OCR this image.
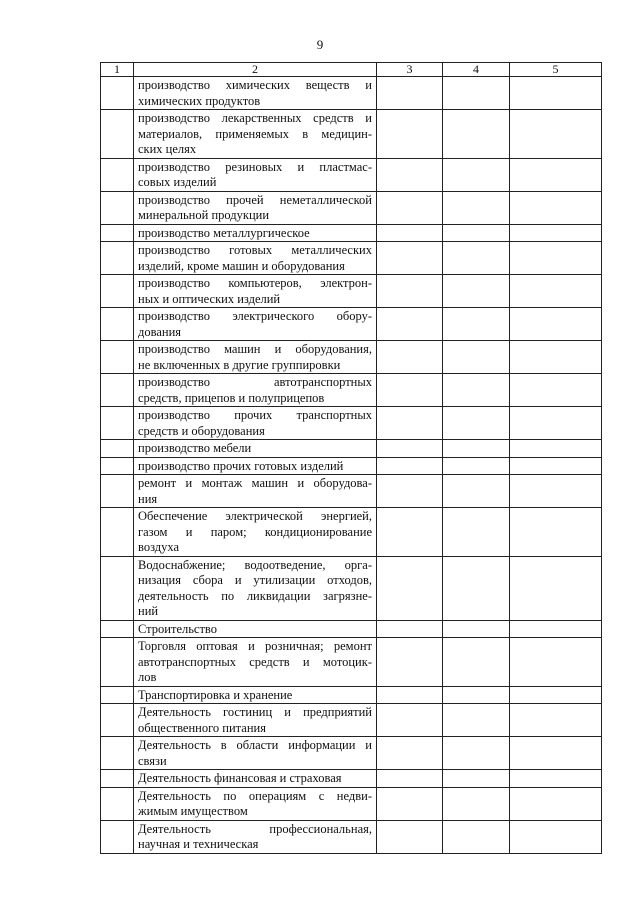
9
1	2	3	4	5

	производство химических веществ и
химических продуктов			

	производство лекарственных средств и
материалов, применяемых в медицин-
ских целях			

	производство резиновых и пластмас-
совых изделий			

	производство прочей неметаллической
минеральной продукции			

	производство металлургическое			

	производство готовых металлических
изделий, кроме машин и оборудования			

	производство компьютеров, электрон-
ных и оптических изделий			

	производство электрического обору-
дования			

	производство машин и оборудования,
не включенных в другие группировки			

	производство автотранспортных
средств, прицепов и полуприцепов			

	производство прочих транспортных
средств и оборудования			

	производство мебели			

	производство прочих готовых изделий			

	ремонт и монтаж машин и оборудова-
ния			

	Обеспечение электрической энергией,
газом и паром; кондиционирование
воздуха			

	Водоснабжение; водоотведение, орга-
низация сбора и утилизации отходов,
деятельность по ликвидации загрязне-
ний			

	Строительство			

	Торговля оптовая и розничная; ремонт
автотранспортных средств и мотоцик-
лов			

	Транспортировка и хранение			

	Деятельность гостиниц и предприятий
общественного питания			

	Деятельность в области информации и
связи			

	Деятельность финансовая и страховая			

	Деятельность по операциям с недви-
жимым имуществом			

	Деятельность профессиональная,
научная и техническая			
